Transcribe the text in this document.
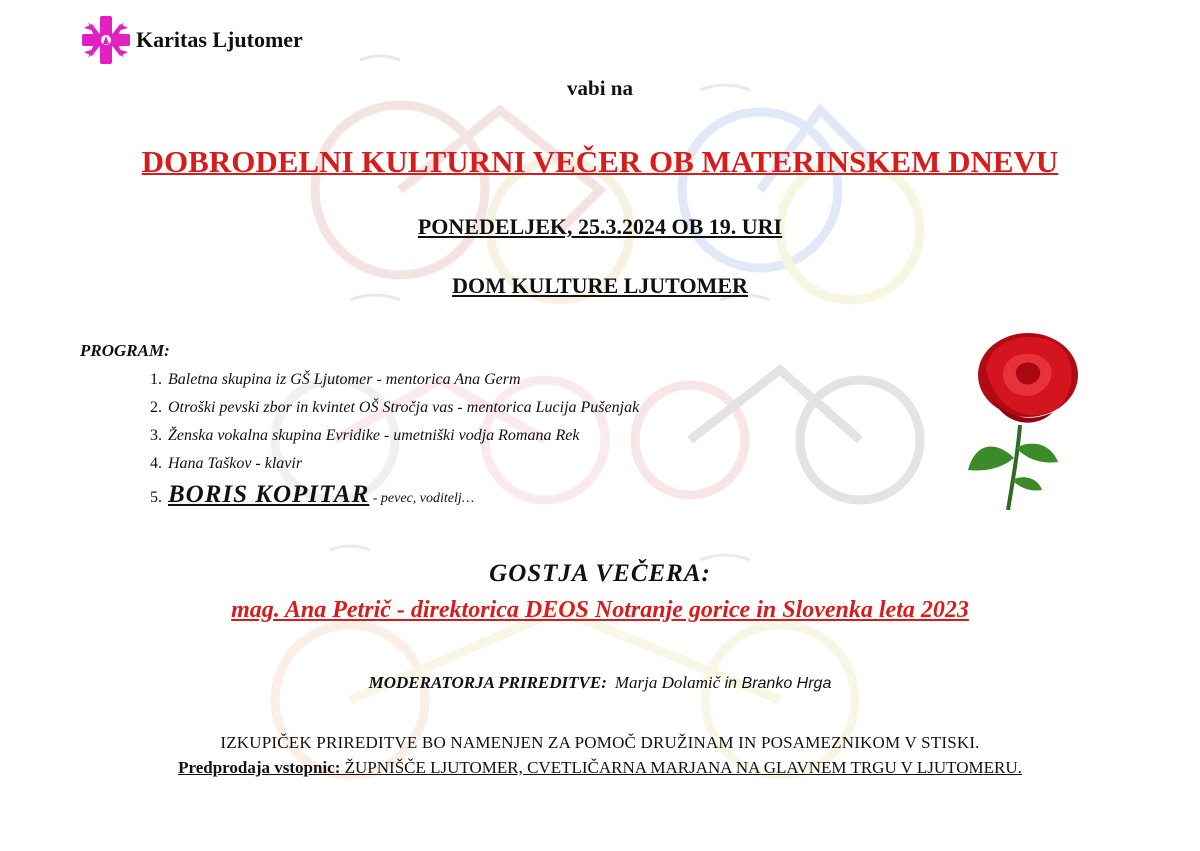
Karitas Ljutomer
vabi na
DOBRODELNI KULTURNI VEČER OB MATERINSKEM DNEVU
PONEDELJEK, 25.3.2024 OB 19. URI
DOM KULTURE LJUTOMER
PROGRAM:
1. Baletna skupina iz GŠ Ljutomer - mentorica Ana Germ
2. Otroški pevski zbor in kvintet OŠ Stročja vas - mentorica Lucija Pušenjak
3. Ženska vokalna skupina Evridike - umetniški vodja Romana Rek
4. Hana Taškov - klavir
5. BORIS KOPITAR - pevec, voditelj…
GOSTJA VEČERA:
mag. Ana Petrič - direktorica DEOS Notranje gorice in Slovenka leta 2023
MODERATORJA PRIREDITVE: Marja Dolamič in Branko Hrga
IZKUPIČEK PRIREDITVE BO NAMENJEN ZA POMOČ DRUŽINAM IN POSAMEZNIKOM V STISKI.
Predprodaja vstopnic: ŽUPNIŠČE LJUTOMER, CVETLIČARNA MARJANA NA GLAVNEM TRGU V LJUTOMERU.
